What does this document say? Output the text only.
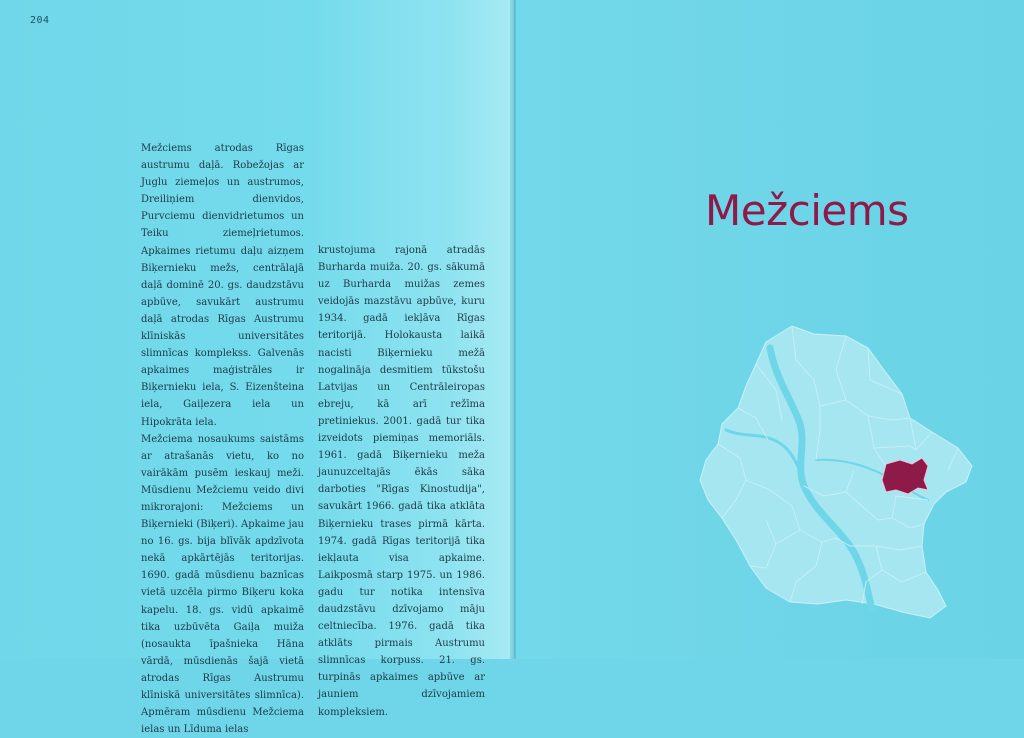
204

Mežciems atrodas Rīgas austrumu daļā. Robežojas ar Juglu ziemeļos un austrumos, Dreiliņiem dienvidos, Purvciemu dienvidrietumos un Teiku ziemeļrietumos. Apkaimes rietumu daļu aizņem Biķernieku mežs, centrālajā daļā dominē 20. gs. daudzstāvu apbūve, savukārt austrumu daļā atrodas Rīgas Austrumu klīniskās universitātes slimnīcas komplekss. Galvenās apkaimes maģistrāles ir Biķernieku iela, S. Eizenšteina iela, Gaiļezera iela un Hipokrāta iela.

Mežciema nosaukums saistāms ar atrašanās vietu, ko no vairākām pusēm ieskauj meži. Mūsdienu Mežciemu veido divi mikrorajoni: Mežciems un Biķernieki (Biķeri). Apkaime jau no 16. gs. bija blīvāk apdzīvota nekā apkārtējās teritorijas. 1690. gadā mūsdienu baznīcas vietā uzcēla pirmo Biķeru koka kapelu. 18. gs. vidū apkaimē tika uzbūvēta Gaiļa muiža (nosaukta īpašnieka Hāna vārdā, mūsdienās šajā vietā atrodas Rīgas Austrumu klīniskā universitātes slimnīca). Apmēram mūsdienu Mežciema ielas un Līduma ielas

krustojuma rajonā atradās Burharda muiža. 20. gs. sākumā uz Burharda muižas zemes veidojās mazstāvu apbūve, kuru 1934. gadā iekļāva Rīgas teritorijā. Holokausta laikā nacisti Biķernieku mežā nogalināja desmitiem tūkstošu Latvijas un Centrāleiropas ebreju, kā arī režīma pretiniekus. 2001. gadā tur tika izveidots piemiņas memoriāls. 1961. gadā Biķernieku meža jaunuzceltajās ēkās sāka darboties "Rīgas Kinostudija", savukārt 1966. gadā tika atklāta Biķernieku trases pirmā kārta. 1974. gadā Rīgas teritorijā tika iekļauta visa apkaime. Laikposmā starp 1975. un 1986. gadu tur notika intensīva daudzstāvu dzīvojamo māju celtniecība. 1976. gadā tika atklāts pirmais Austrumu slimnīcas korpuss. 21. gs. turpinās apkaimes apbūve ar jauniem dzīvojamiem kompleksiem.

Mežciems
